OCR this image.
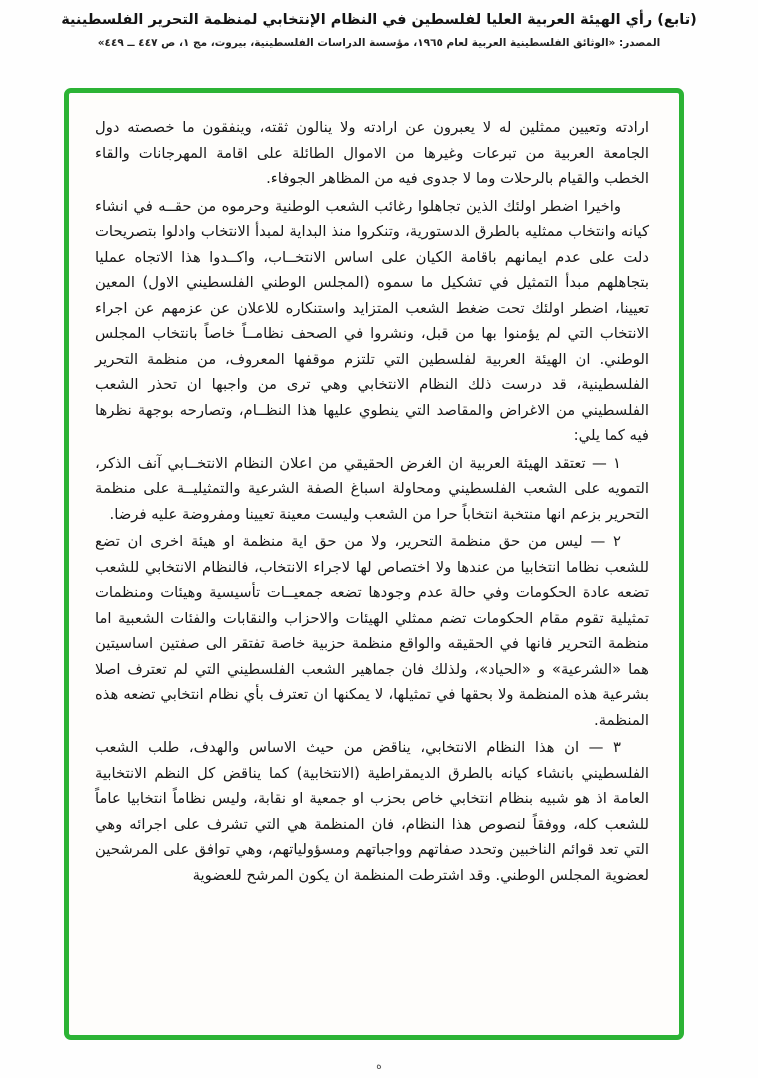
(تابع) رأي الهيئة العربية العليا لفلسطين في النظام الإنتخابي لمنظمة التحرير الفلسطينية
المصدر: «الوثائق الفلسطينية العربية لعام ١٩٦٥، مؤسسة الدراسات الفلسطينية، بيروت، مج ١، ص ٤٤٧ ــ ٤٤٩»

ارادته وتعيين ممثلين له لا يعبرون عن ارادته ولا ينالون ثقته، وينفقون ما خصصته دول الجامعة العربية من تبرعات وغيرها من الاموال الطائلة على اقامة المهرجانات والقاء الخطب والقيام بالرحلات وما لا جدوى فيه من المظاهر الجوفاء.

واخيرا اضطر اولئك الذين تجاهلوا رغائب الشعب الوطنية وحرموه من حقــه في انشاء كيانه وانتخاب ممثليه بالطرق الدستورية، وتنكروا منذ البداية لمبدأ الانتخاب وادلوا بتصريحات دلت على عدم ايمانهم باقامة الكيان على اساس الانتخــاب، واكــدوا هذا الاتجاه عمليا بتجاهلهم مبدأ التمثيل في تشكيل ما سموه (المجلس الوطني الفلسطيني الاول) المعين تعيينا، اضطر اولئك تحت ضغط الشعب المتزايد واستنكاره للاعلان عن عزمهم عن اجراء الانتخاب التي لم يؤمنوا بها من قبل، ونشروا في الصحف نظامــاً خاصاً بانتخاب المجلس الوطني. ان الهيئة العربية لفلسطين التي تلتزم موقفها المعروف، من منظمة التحرير الفلسطينية، قد درست ذلك النظام الانتخابي وهي ترى من واجبها ان تحذر الشعب الفلسطيني من الاغراض والمقاصد التي ينطوي عليها هذا النظــام، وتصارحه بوجهة نظرها فيه كما يلي:

١ — تعتقد الهيئة العربية ان الغرض الحقيقي من اعلان النظام الانتخــابي آنف الذكر، التمويه على الشعب الفلسطيني ومحاولة اسباغ الصفة الشرعية والتمثيليــة على منظمة التحرير بزعم انها منتخبة انتخاباً حرا من الشعب وليست معينة تعيينا ومفروضة عليه فرضا.

٢ — ليس من حق منظمة التحرير، ولا من حق اية منظمة او هيئة اخرى ان تضع للشعب نظاما انتخابيا من عندها ولا اختصاص لها لاجراء الانتخاب، فالنظام الانتخابي للشعب تضعه عادة الحكومات وفي حالة عدم وجودها تضعه جمعيــات تأسيسية وهيئات ومنظمات تمثيلية تقوم مقام الحكومات تضم ممثلي الهيئات والاحزاب والنقابات والفئات الشعبية اما منظمة التحرير فانها في الحقيقه والواقع منظمة حزبية خاصة تفتقر الى صفتين اساسيتين هما «الشرعية» و «الحياد»، ولذلك فان جماهير الشعب الفلسطيني التي لم تعترف اصلا بشرعية هذه المنظمة ولا بحقها في تمثيلها، لا يمكنها ان تعترف بأي نظام انتخابي تضعه هذه المنظمة.

٣ — ان هذا النظام الانتخابي، يناقض من حيث الاساس والهدف، طلب الشعب الفلسطيني بانشاء كيانه بالطرق الديمقراطية (الانتخابية) كما يناقض كل النظم الانتخابية العامة اذ هو شبيه بنظام انتخابي خاص بحزب او جمعية او نقابة، وليس نظاماً انتخابيا عاماً للشعب كله، ووفقاً لنصوص هذا النظام، فان المنظمة هي التي تشرف على اجرائه وهي التي تعد قوائم الناخبين وتحدد صفاتهم وواجباتهم ومسؤولياتهم، وهي توافق على المرشحين لعضوية المجلس الوطني. وقد اشترطت المنظمة ان يكون المرشح للعضوية

ه
